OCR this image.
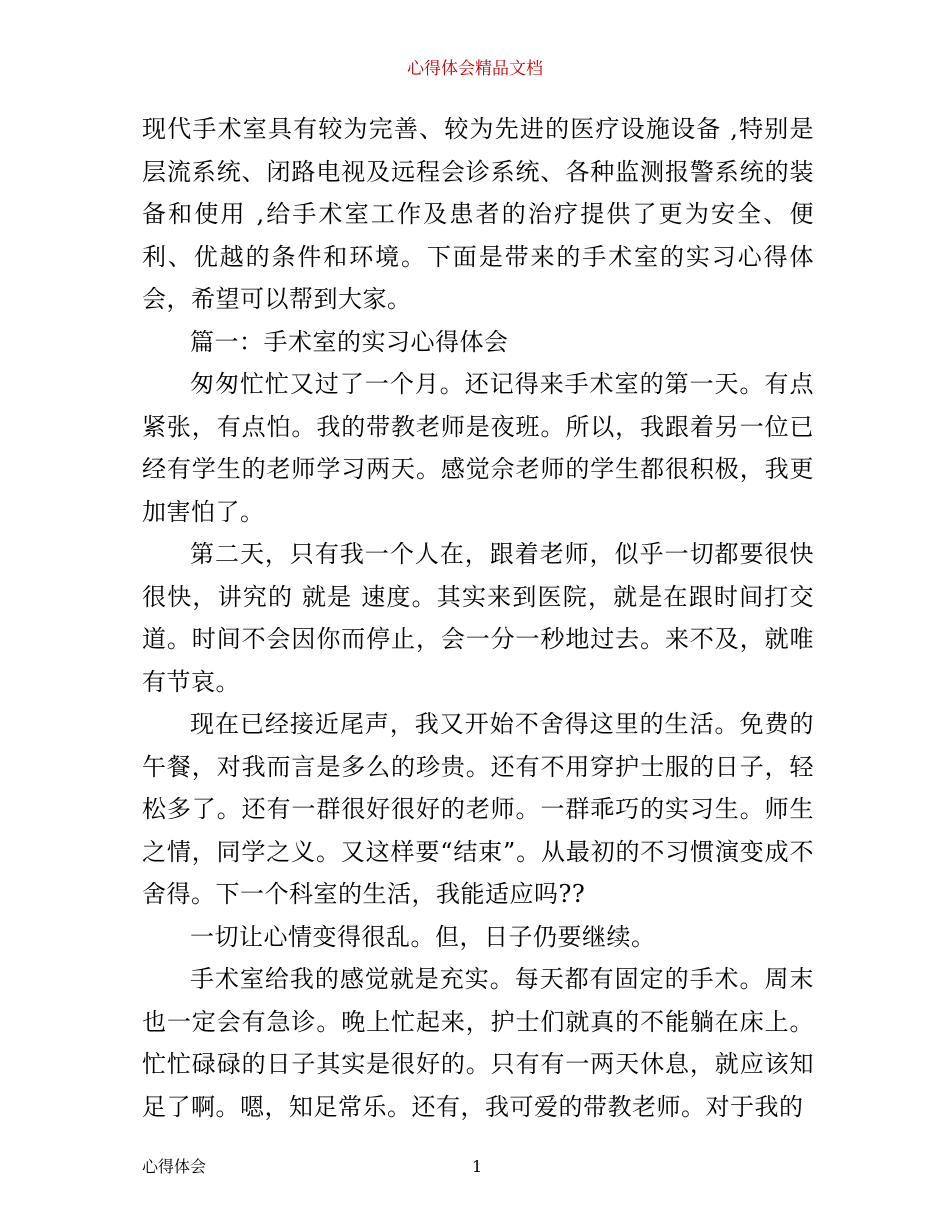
心得体会精品文档

现代手术室具有较为完善、较为先进的医疗设施设备 ,特别是层流系统、闭路电视及远程会诊系统、各种监测报警系统的装备和使用 ,给手术室工作及患者的治疗提供了更为安全、便利、优越的条件和环境。下面是带来的手术室的实习心得体会，希望可以帮到大家。

篇一：手术室的实习心得体会

匆匆忙忙又过了一个月。还记得来手术室的第一天。有点紧张，有点怕。我的带教老师是夜班。所以，我跟着另一位已经有学生的老师学习两天。感觉佘老师的学生都很积极，我更加害怕了。

第二天，只有我一个人在，跟着老师，似乎一切都要很快很快，讲究的 就是 速度。其实来到医院，就是在跟时间打交道。时间不会因你而停止，会一分一秒地过去。来不及，就唯有节哀。

现在已经接近尾声，我又开始不舍得这里的生活。免费的午餐，对我而言是多么的珍贵。还有不用穿护士服的日子，轻松多了。还有一群很好很好的老师。一群乖巧的实习生。师生之情，同学之义。又这样要“结束”。从最初的不习惯演变成不舍得。下一个科室的生活，我能适应吗??

一切让心情变得很乱。但，日子仍要继续。

手术室给我的感觉就是充实。每天都有固定的手术。周末也一定会有急诊。晚上忙起来，护士们就真的不能躺在床上。忙忙碌碌的日子其实是很好的。只有有一两天休息，就应该知足了啊。嗯，知足常乐。还有，我可爱的带教老师。对于我的

心得体会	1
